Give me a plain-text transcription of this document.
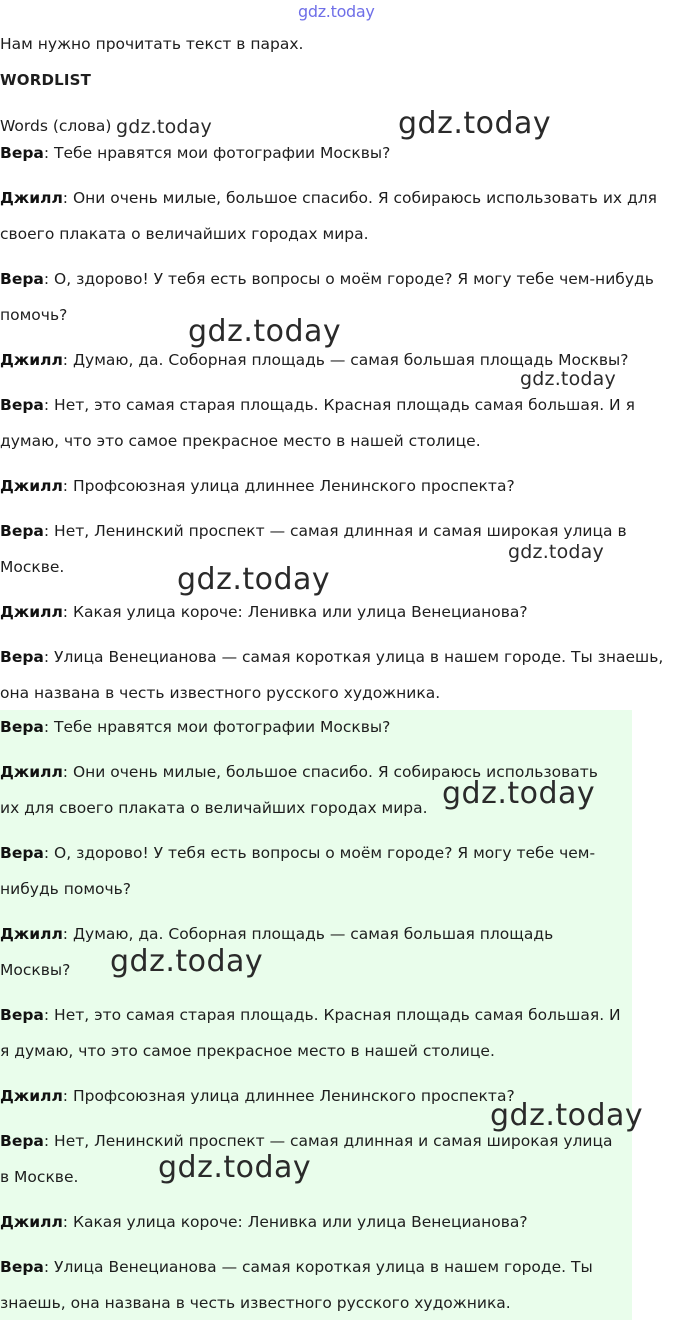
gdz.today
Нам нужно прочитать текст в парах.
WORDLIST
Words (слова)
Вера: Тебе нравятся мои фотографии Москвы?
Джилл: Они очень милые, большое спасибо. Я собираюсь использовать их для
своего плаката о величайших городах мира.
Вера: О, здорово! У тебя есть вопросы о моём городе? Я могу тебе чем-нибудь
помочь?
Джилл: Думаю, да. Соборная площадь — самая большая площадь Москвы?
Вера: Нет, это самая старая площадь. Красная площадь самая большая. И я
думаю, что это самое прекрасное место в нашей столице.
Джилл: Профсоюзная улица длиннее Ленинского проспекта?
Вера: Нет, Ленинский проспект — самая длинная и самая широкая улица в
Москве.
Джилл: Какая улица короче: Ленивка или улица Венецианова?
Вера: Улица Венецианова — самая короткая улица в нашем городе. Ты знаешь,
она названа в честь известного русского художника.
Вера: Тебе нравятся мои фотографии Москвы?
Джилл: Они очень милые, большое спасибо. Я собираюсь использовать
их для своего плаката о величайших городах мира.
Вера: О, здорово! У тебя есть вопросы о моём городе? Я могу тебе чем-
нибудь помочь?
Джилл: Думаю, да. Соборная площадь — самая большая площадь
Москвы?
Вера: Нет, это самая старая площадь. Красная площадь самая большая. И
я думаю, что это самое прекрасное место в нашей столице.
Джилл: Профсоюзная улица длиннее Ленинского проспекта?
Вера: Нет, Ленинский проспект — самая длинная и самая широкая улица
в Москве.
Джилл: Какая улица короче: Ленивка или улица Венецианова?
Вера: Улица Венецианова — самая короткая улица в нашем городе. Ты
знаешь, она названа в честь известного русского художника.
gdz.today	gdz.today
gdz.today
gdz.today
gdz.today
gdz.today
gdz.today
gdz.today
gdz.today
gdz.today
